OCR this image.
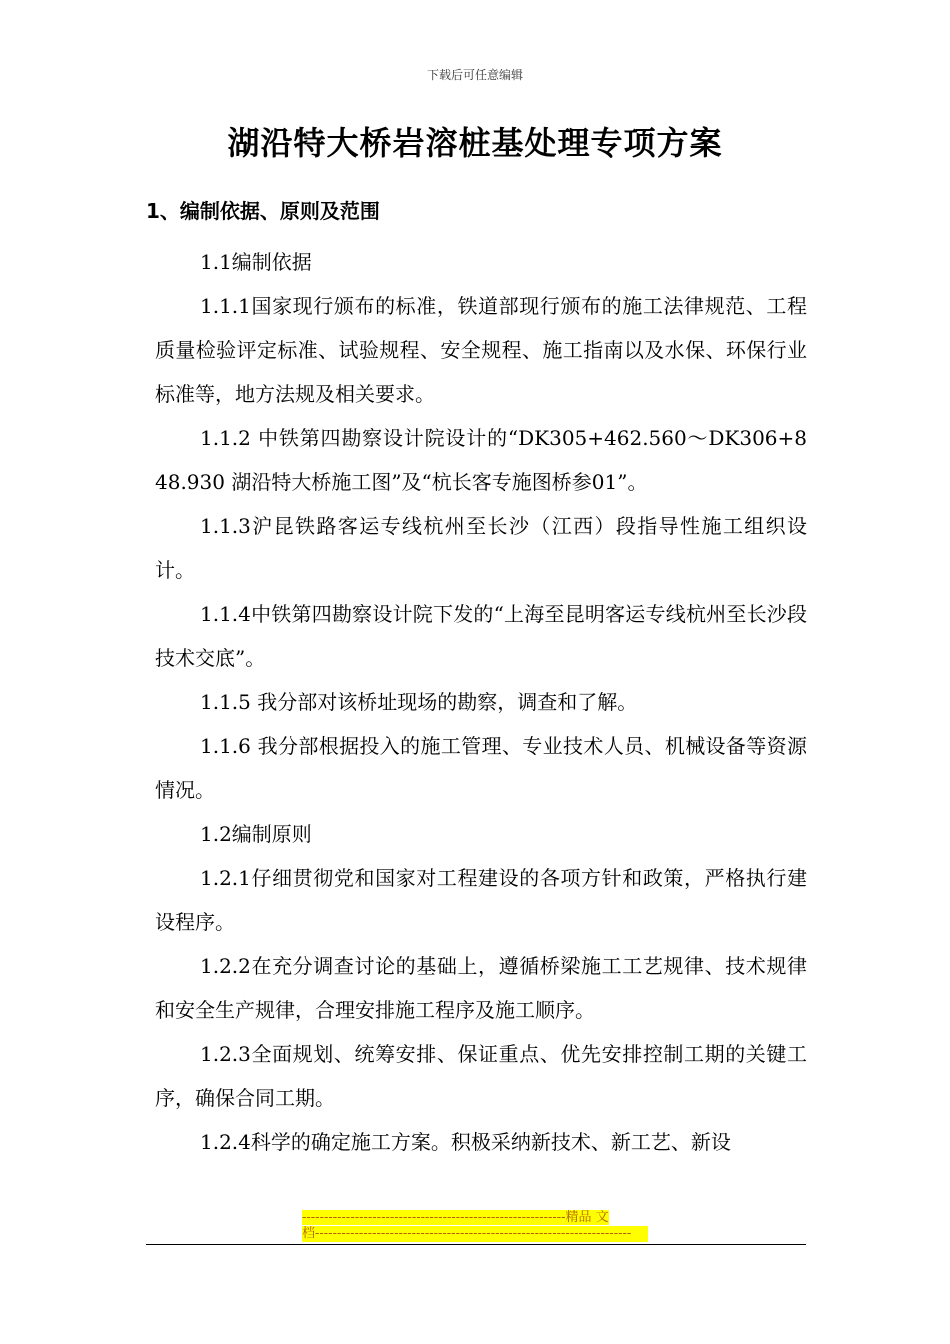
下载后可任意编辑
湖沿特大桥岩溶桩基处理专项方案
1、编制依据、原则及范围

1.1编制依据

1.1.1国家现行颁布的标准，铁道部现行颁布的施工法律规范、工程质量检验评定标准、试验规程、安全规程、施工指南以及水保、环保行业标准等，地方法规及相关要求。

1.1.2 中铁第四勘察设计院设计的“DK305+462.560～DK306+848.930 湖沿特大桥施工图”及“杭长客专施图桥参01”。

1.1.3沪昆铁路客运专线杭州至长沙（江西）段指导性施工组织设计。

1.1.4中铁第四勘察设计院下发的“上海至昆明客运专线杭州至长沙段技术交底”。

1.1.5 我分部对该桥址现场的勘察，调查和了解。

1.1.6 我分部根据投入的施工管理、专业技术人员、机械设备等资源情况。

1.2编制原则

1.2.1仔细贯彻党和国家对工程建设的各项方针和政策，严格执行建设程序。

1.2.2在充分调查讨论的基础上，遵循桥梁施工工艺规律、技术规律和安全生产规律，合理安排施工程序及施工顺序。

1.2.3全面规划、统筹安排、保证重点、优先安排控制工期的关键工序，确保合同工期。

1.2.4科学的确定施工方案。积极采纳新技术、新工艺、新设

------------------------------------------------------------精品 文
档------------------------------------------------------------------------
